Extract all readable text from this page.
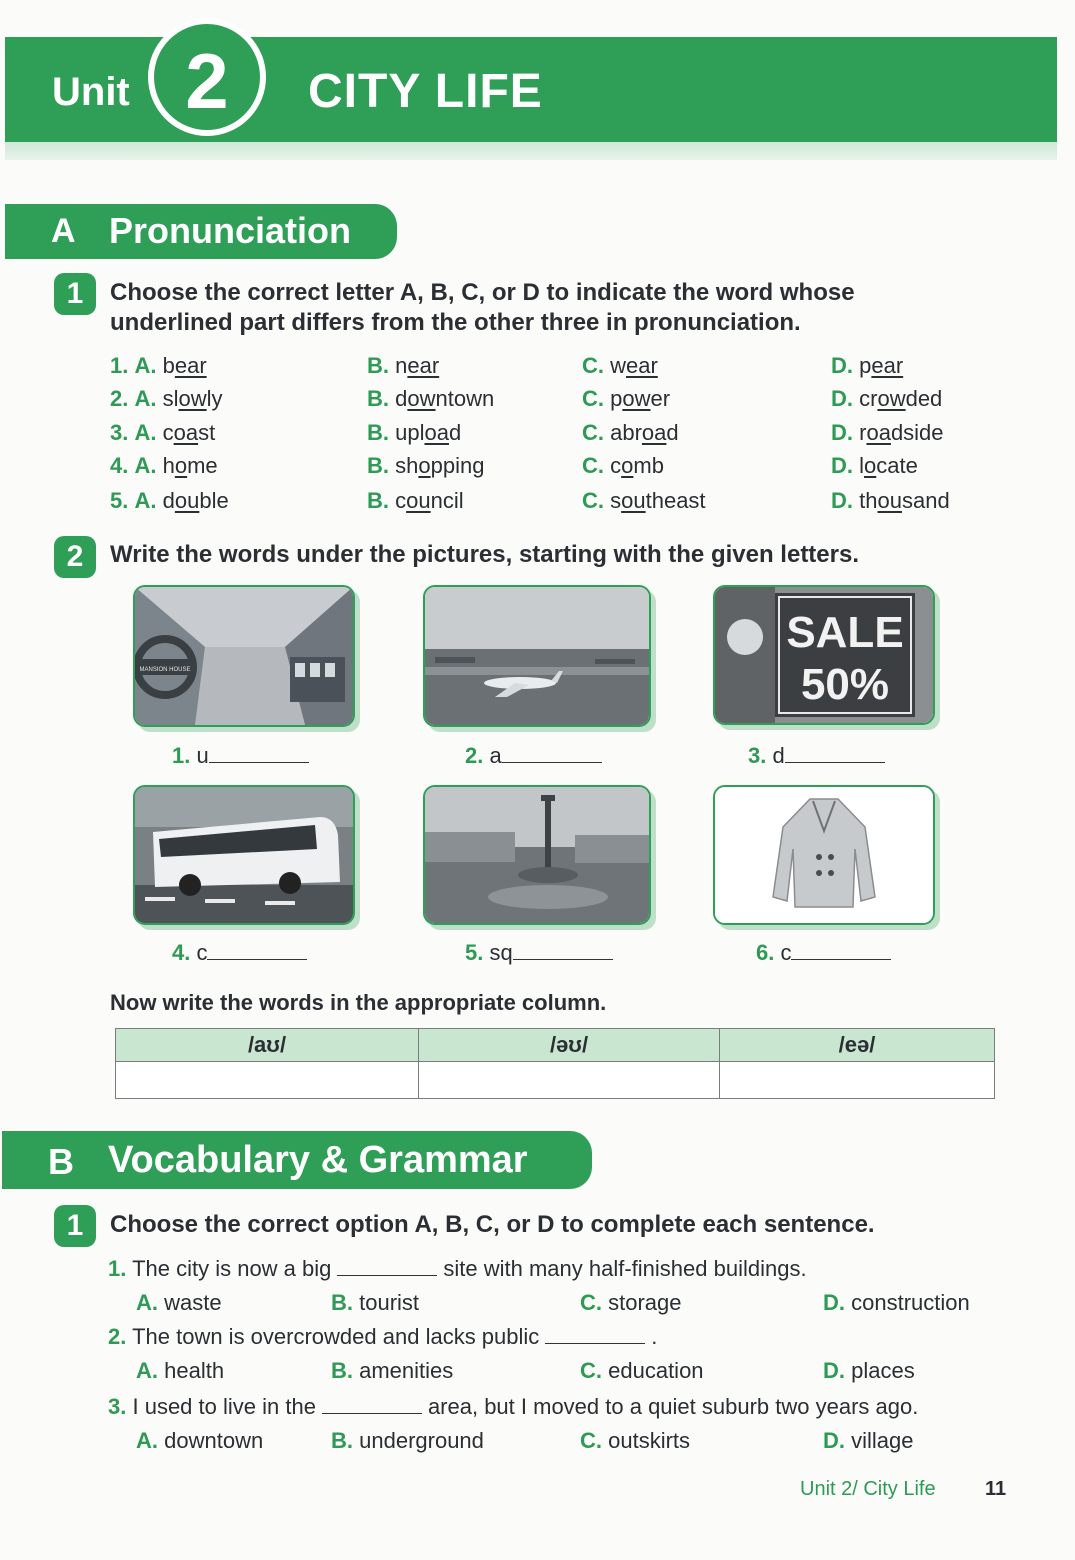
Unit 2	CITY LIFE
A Pronunciation
1	Choose the correct letter A, B, C, or D to indicate the word whose
underlined part differs from the other three in pronunciation.
1. A. bear	B. near	C. wear	D. pear
2. A. slowly	B. downtown	C. power	D. crowded
3. A. coast	B. upload	C. abroad	D. roadside
4. A. home	B. shopping	C. comb	D. locate
5. A. double	B. council	C. southeast	D. thousand
2	Write the words under the pictures, starting with the given letters.
MANSION HOUSE
SALE
50%
1. u	2. a	3. d
4. c	5. sq	6. c
Now write the words in the appropriate column.
/aʊ/	/əʊ/	/eə/

B Vocabulary & Grammar
1	Choose the correct option A, B, C, or D to complete each sentence.
1. The city is now a big	site with many half-finished buildings.
A. waste	B. tourist	C. storage	D. construction
2. The town is overcrowded and lacks public	.
A. health	B. amenities	C. education	D. places
3. I used to live in the	area, but I moved to a quiet suburb two years ago.
A. downtown	B. underground	C. outskirts	D. village
Unit 2/ City Life 11
